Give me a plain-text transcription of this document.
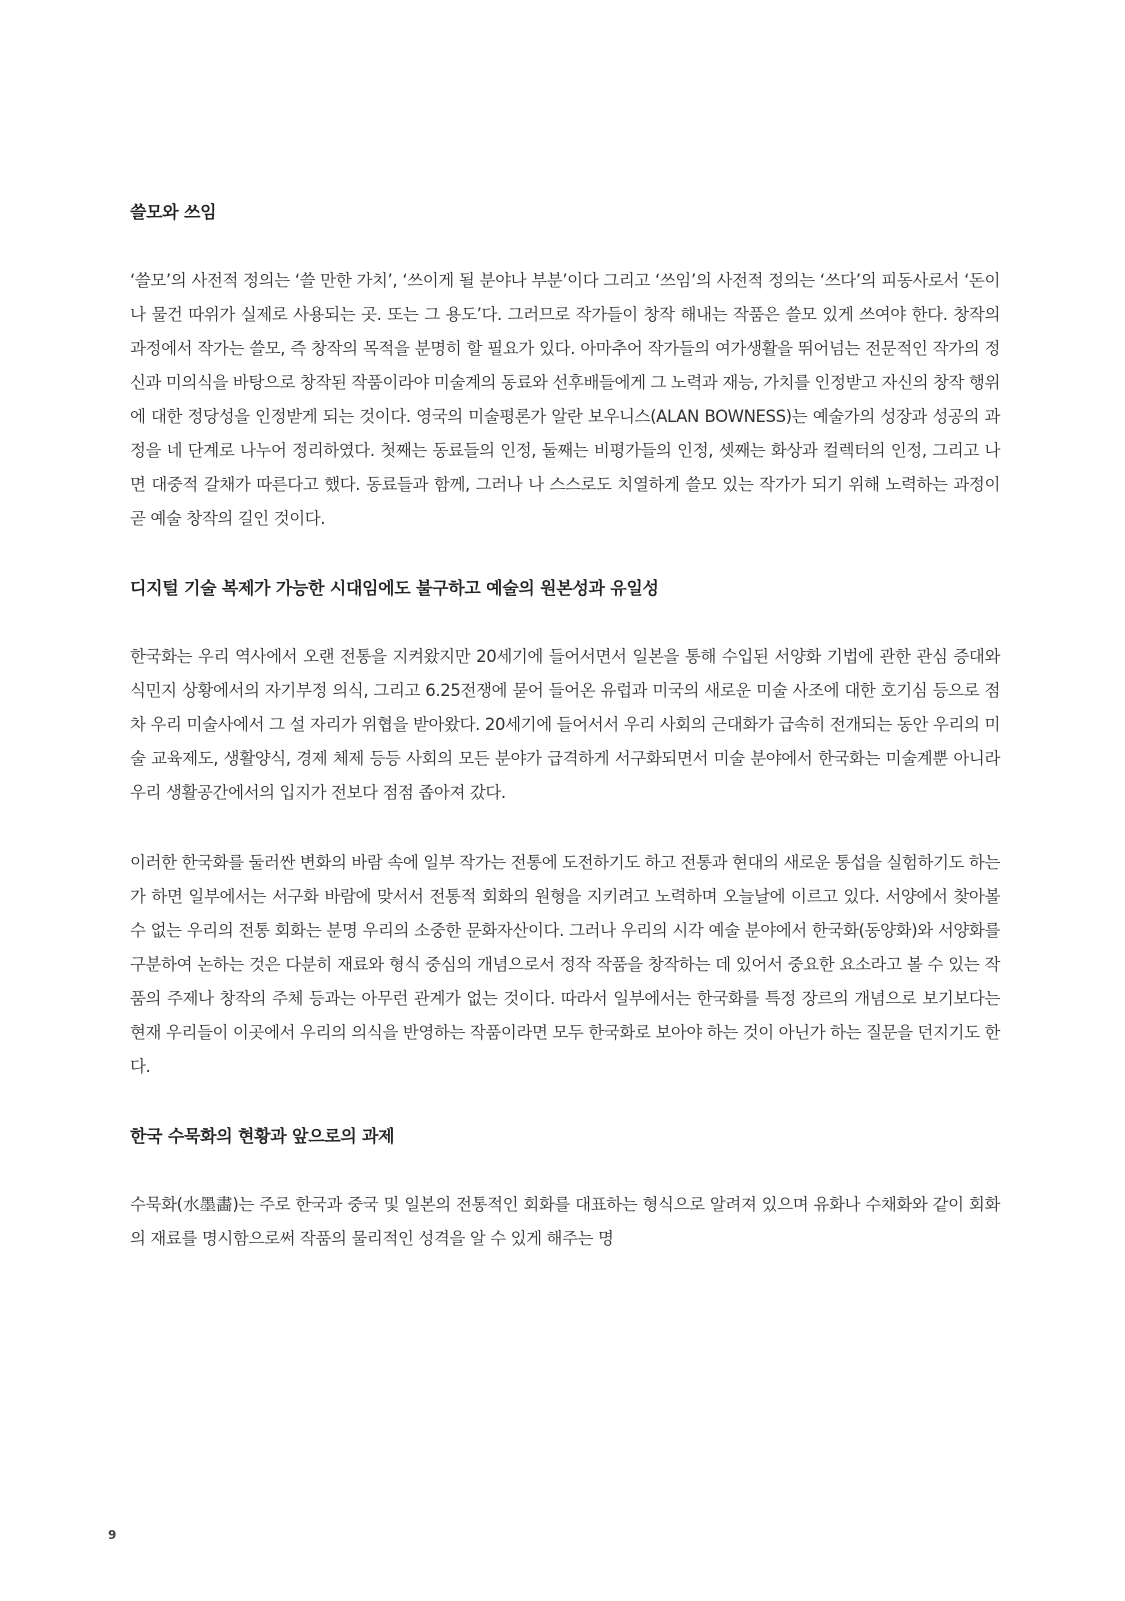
쓸모와 쓰임

‘쓸모’의 사전적 정의는 ‘쓸 만한 가치’, ‘쓰이게 될 분야나 부분’이다 그리고 ‘쓰임’의 사전적 정의는 ‘쓰다’의 피동사로서 ‘돈이나 물건 따위가 실제로 사용되는 곳. 또는 그 용도’다. 그러므로 작가들이 창작 해내는 작품은 쓸모 있게 쓰여야 한다. 창작의 과정에서 작가는 쓸모, 즉 창작의 목적을 분명히 할 필요가 있다. 아마추어 작가들의 여가생활을 뛰어넘는 전문적인 작가의 정신과 미의식을 바탕으로 창작된 작품이라야 미술계의 동료와 선후배들에게 그 노력과 재능, 가치를 인정받고 자신의 창작 행위에 대한 정당성을 인정받게 되는 것이다. 영국의 미술평론가 알란 보우니스(ALAN BOWNESS)는 예술가의 성장과 성공의 과정을 네 단계로 나누어 정리하였다. 첫째는 동료들의 인정, 둘째는 비평가들의 인정, 셋째는 화상과 컬렉터의 인정, 그리고 나면 대중적 갈채가 따른다고 했다. 동료들과 함께, 그러나 나 스스로도 치열하게 쓸모 있는 작가가 되기 위해 노력하는 과정이 곧 예술 창작의 길인 것이다.

디지털 기술 복제가 가능한 시대임에도 불구하고 예술의 원본성과 유일성

한국화는 우리 역사에서 오랜 전통을 지켜왔지만 20세기에 들어서면서 일본을 통해 수입된 서양화 기법에 관한 관심 증대와 식민지 상황에서의 자기부정 의식, 그리고 6.25전쟁에 묻어 들어온 유럽과 미국의 새로운 미술 사조에 대한 호기심 등으로 점차 우리 미술사에서 그 설 자리가 위협을 받아왔다. 20세기에 들어서서 우리 사회의 근대화가 급속히 전개되는 동안 우리의 미술 교육제도, 생활양식, 경제 체제 등등 사회의 모든 분야가 급격하게 서구화되면서 미술 분야에서 한국화는 미술계뿐 아니라 우리 생활공간에서의 입지가 전보다 점점 좁아져 갔다.

이러한 한국화를 둘러싼 변화의 바람 속에 일부 작가는 전통에 도전하기도 하고 전통과 현대의 새로운 통섭을 실험하기도 하는가 하면 일부에서는 서구화 바람에 맞서서 전통적 회화의 원형을 지키려고 노력하며 오늘날에 이르고 있다. 서양에서 찾아볼 수 없는 우리의 전통 회화는 분명 우리의 소중한 문화자산이다. 그러나 우리의 시각 예술 분야에서 한국화(동양화)와 서양화를 구분하여 논하는 것은 다분히 재료와 형식 중심의 개념으로서 정작 작품을 창작하는 데 있어서 중요한 요소라고 볼 수 있는 작품의 주제나 창작의 주체 등과는 아무런 관계가 없는 것이다. 따라서 일부에서는 한국화를 특정 장르의 개념으로 보기보다는 현재 우리들이 이곳에서 우리의 의식을 반영하는 작품이라면 모두 한국화로 보아야 하는 것이 아닌가 하는 질문을 던지기도 한다.

한국 수묵화의 현황과 앞으로의 과제

수묵화(水墨畵)는 주로 한국과 중국 및 일본의 전통적인 회화를 대표하는 형식으로 알려져 있으며 유화나 수채화와 같이 회화의 재료를 명시함으로써 작품의 물리적인 성격을 알 수 있게 해주는 명

9
